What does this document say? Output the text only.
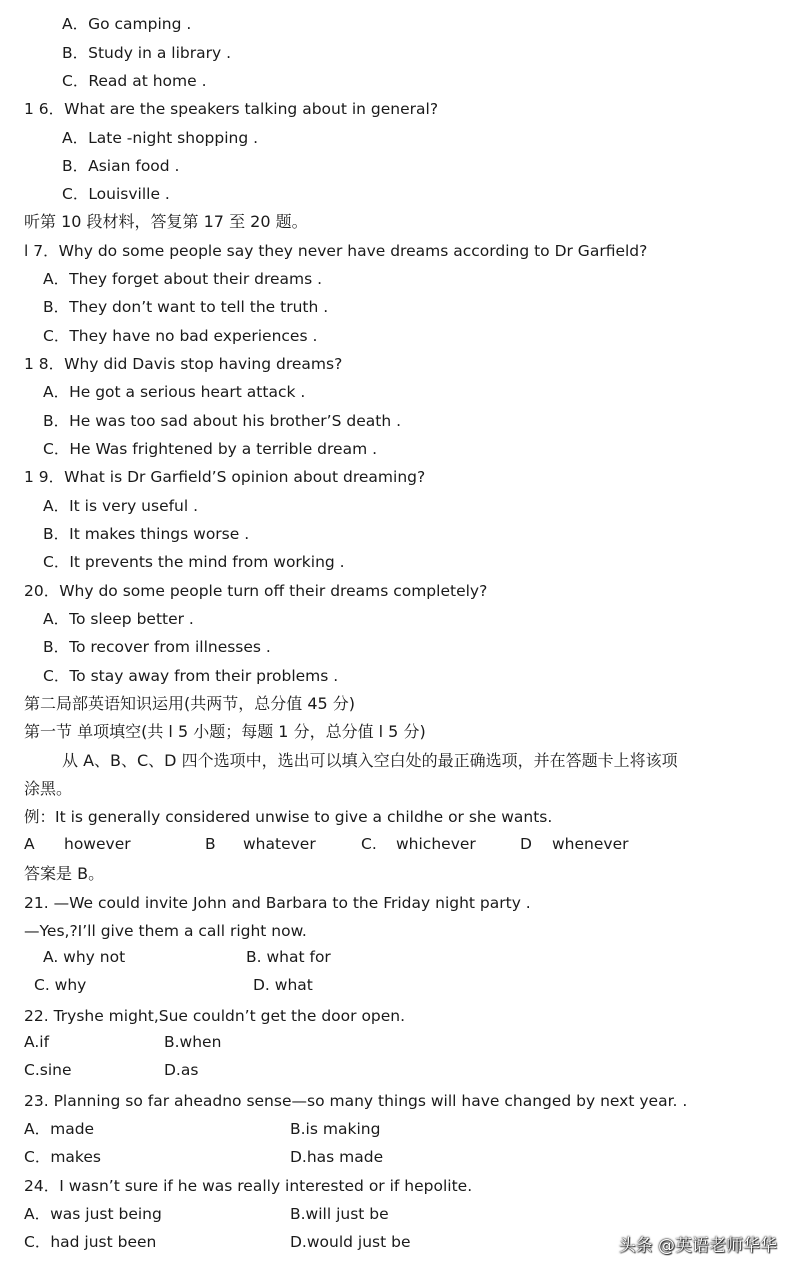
A．Go camping .
B．Study in a library .
C．Read at home .
1 6．What are the speakers talking about in general?
A．Late -night shopping .
B．Asian food .
C．Louisville .
听第 10 段材料，答复第 17 至 20 题。
l 7．Why do some people say they never have dreams according to Dr Garfield?
A．They forget about their dreams .
B．They don’t want to tell the truth .
C．They have no bad experiences .
1 8．Why did Davis stop having dreams?
A．He got a serious heart attack .
B．He was too sad about his brother’S death .
C．He Was frightened by a terrible dream .
1 9．What is Dr Garfield’S opinion about dreaming?
A．It is very useful .
B．It makes things worse .
C．It prevents the mind from working .
20．Why do some people turn off their dreams completely?
A．To sleep better .
B．To recover from illnesses .
C．To stay away from their problems .
第二局部英语知识运用(共两节，总分值 45 分)
第一节 单项填空(共 l 5 小题；每题 1 分，总分值 l 5 分)
从 A、B、C、D 四个选项中，选出可以填入空白处的最正确选项，并在答题卡上将该项
涂黑。
例：It is generally considered unwise to give a childhe or she wants.
A however	B whatever	C. whichever	D whenever
答案是 B。
21. —We could invite John and Barbara to the Friday night party .
—Yes,?I’ll give them a call right now.
A. why not	B. what for
C. why	D. what
22. Tryshe might,Sue couldn’t get the door open.
A.if	B.when
C.sine	D.as
23. Planning so far aheadno sense—so many things will have changed by next year. .
A．made	B.is making
C．makes	D.has made
24．I wasn’t sure if he was really interested or if hepolite.
A．was just being	B.will just be
C．had just been	D.would just be	头条 @英语老师华华
